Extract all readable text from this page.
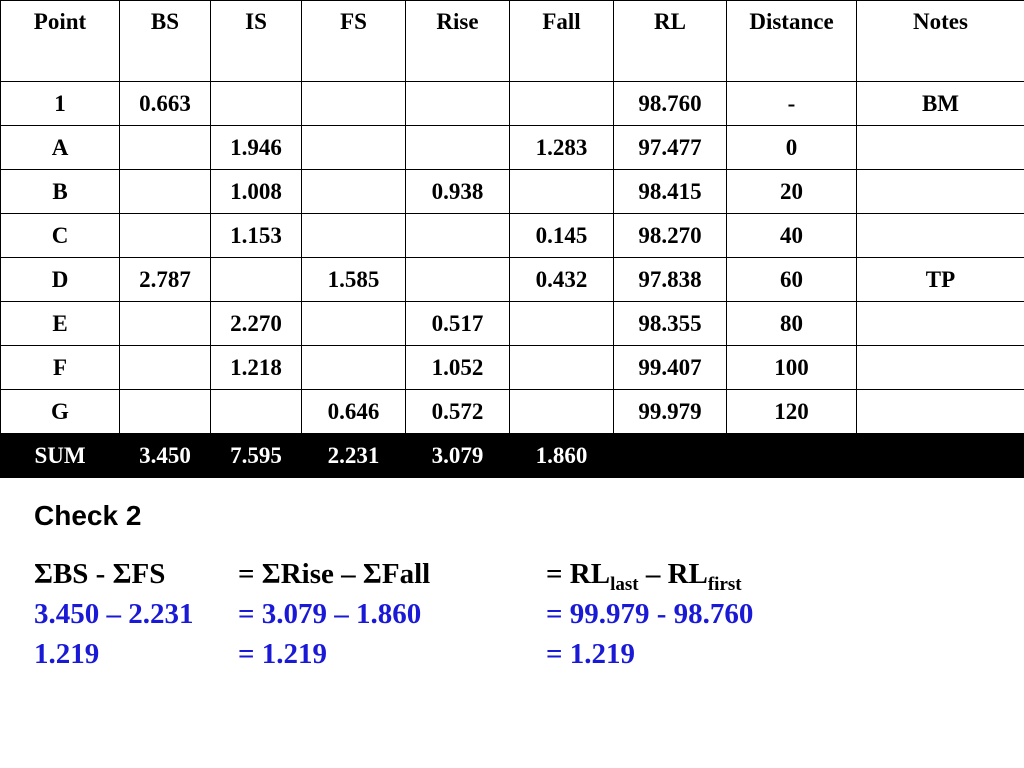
Point	BS	IS	FS	Rise	Fall	RL	Distance	Notes
1	0.663					98.760	-	BM
A		1.946			1.283	97.477	0	
B		1.008		0.938		98.415	20	
C		1.153			0.145	98.270	40	
D	2.787		1.585		0.432	97.838	60	TP
E		2.270		0.517		98.355	80	
F		1.218		1.052		99.407	100	
G			0.646	0.572		99.979	120	
SUM	3.450	7.595	2.231	3.079	1.860			
Check 2
ΣBS - ΣFS	= ΣRise – ΣFall	= $RL_{last} - RL_{first}$
3.450 – 2.231	= 3.079 – 1.860	= 99.979 - 98.760
1.219	= 1.219	= 1.219
